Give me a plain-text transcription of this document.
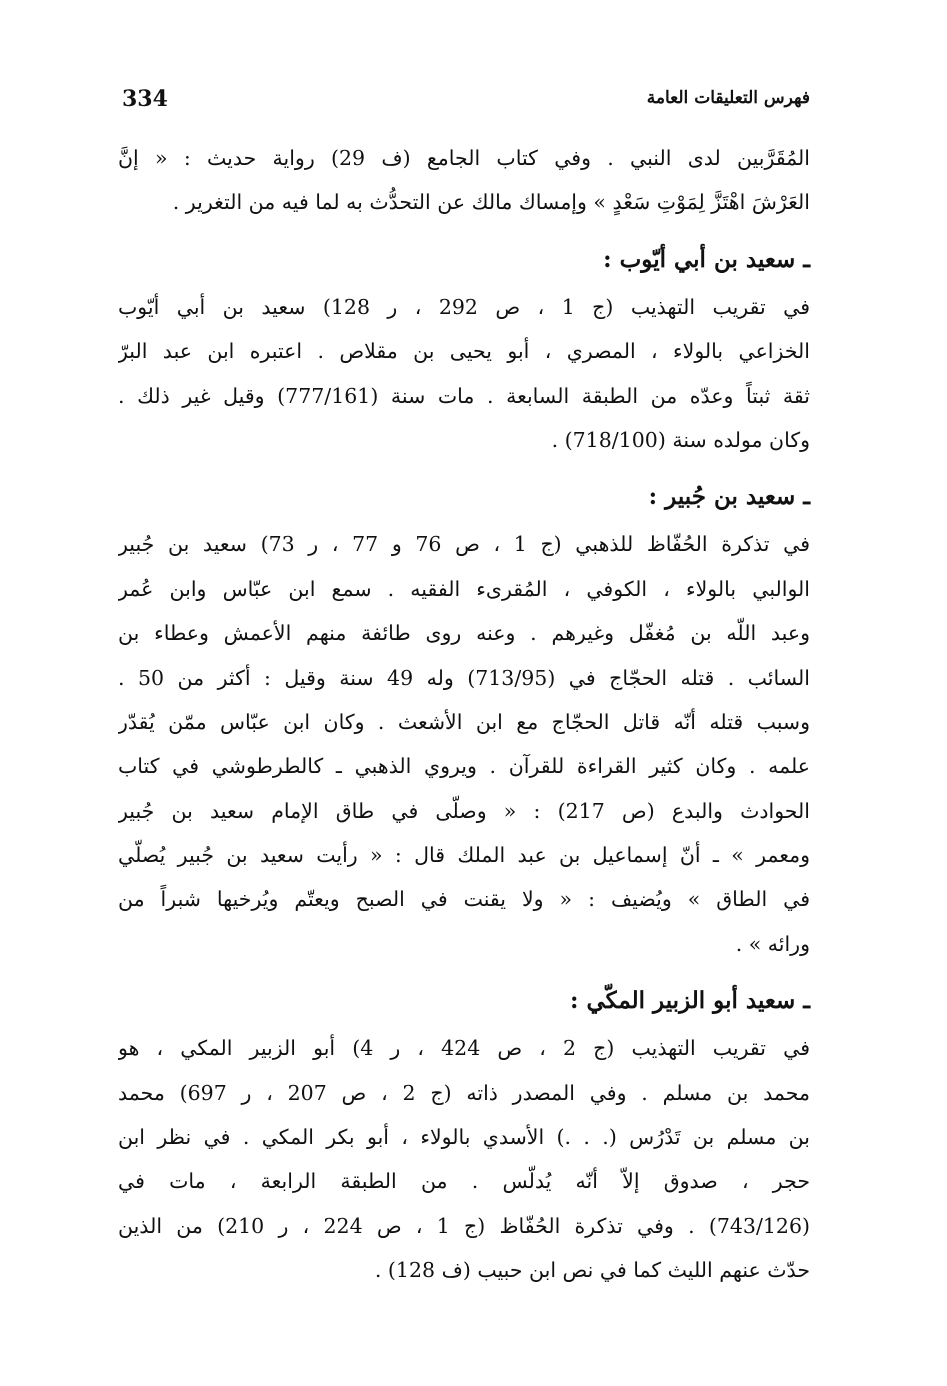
334	فهرس التعليقات العامة
المُقَرَّبين لدى النبي . وفي كتاب الجامع (ف 29) رواية حديث : « إنَّ
العَرْشَ اهْتَزَّ لِمَوْتِ سَعْدٍ » وإمساك مالك عن التحدُّث به لما فيه من التغرير .
ـ سعيد بن أبي أيّوب :
في تقريب التهذيب (ج 1 ، ص 292 ، ر 128) سعيد بن أبي أيّوب
الخزاعي بالولاء ، المصري ، أبو يحيى بن مقلاص . اعتبره ابن عبد البرّ
ثقة ثبتاً وعدّه من الطبقة السابعة . مات سنة (777/161) وقيل غير ذلك .
وكان مولده سنة (718/100) .
ـ سعيد بن جُبير :
في تذكرة الحُفّاظ للذهبي (ج 1 ، ص 76 و 77 ، ر 73) سعيد بن جُبير
الوالبي بالولاء ، الكوفي ، المُقرىء الفقيه . سمع ابن عبّاس وابن عُمر
وعبد اللّه بن مُغفّل وغيرهم . وعنه روى طائفة منهم الأعمش وعطاء بن
السائب . قتله الحجّاج في (713/95) وله 49 سنة وقيل : أكثر من 50 .
وسبب قتله أنّه قاتل الحجّاج مع ابن الأشعث . وكان ابن عبّاس ممّن يُقدّر
علمه . وكان كثير القراءة للقرآن . ويروي الذهبي ـ كالطرطوشي في كتاب
الحوادث والبدع (ص 217) : « وصلّى في طاق الإمام سعيد بن جُبير
ومعمر » ـ أنّ إسماعيل بن عبد الملك قال : « رأيت سعيد بن جُبير يُصلّي
في الطاق » ويُضيف : « ولا يقنت في الصبح ويعتّم ويُرخيها شبراً من
ورائه » .
ـ سعيد أبو الزبير المكّي :
في تقريب التهذيب (ج 2 ، ص 424 ، ر 4) أبو الزبير المكي ، هو
محمد بن مسلم . وفي المصدر ذاته (ج 2 ، ص 207 ، ر 697) محمد
بن مسلم بن تَدْرُس (. . .) الأسدي بالولاء ، أبو بكر المكي . في نظر ابن
حجر ، صدوق إلاّ أنّه يُدلّس . من الطبقة الرابعة ، مات في
(743/126) . وفي تذكرة الحُفّاظ (ج 1 ، ص 224 ، ر 210) من الذين
حدّث عنهم الليث كما في نص ابن حبيب (ف 128) .
